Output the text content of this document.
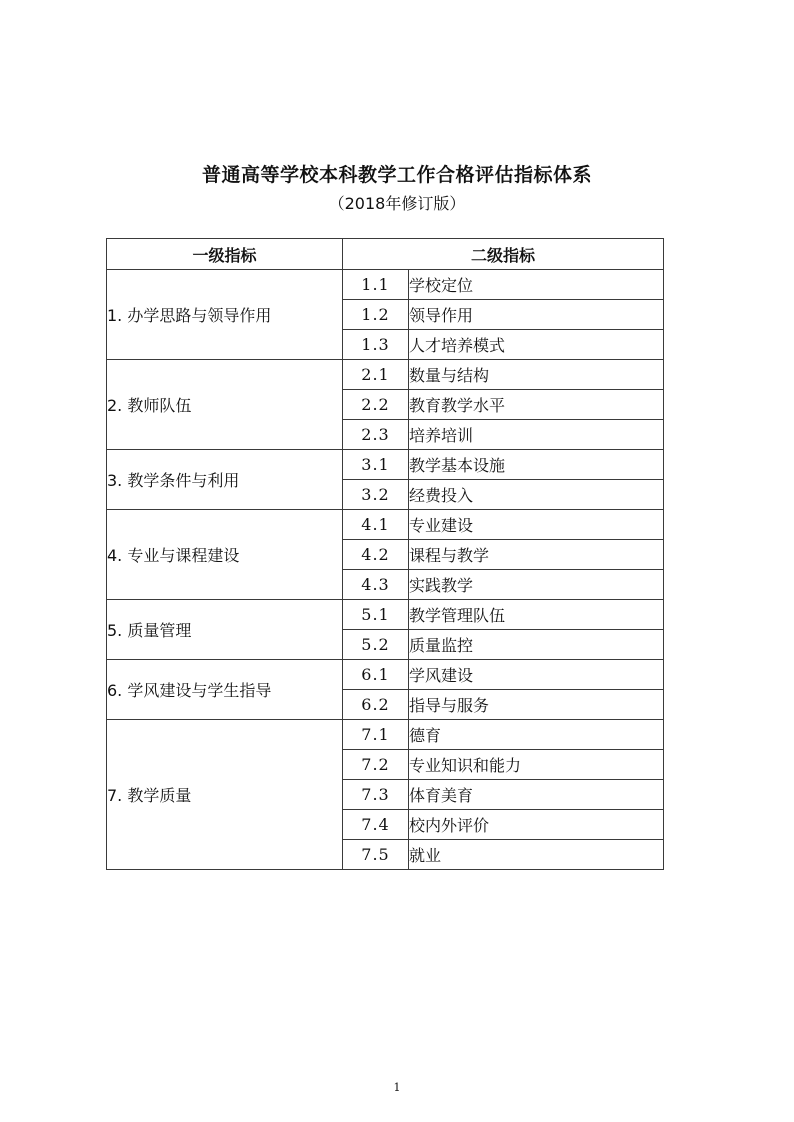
普通高等学校本科教学工作合格评估指标体系
（2018年修订版）
一级指标	二级指标	
1. 办学思路与领导作用	1.1	学校定位
	1.2	领导作用
	1.3	人才培养模式
2. 教师队伍	2.1	数量与结构
	2.2	教育教学水平
	2.3	培养培训
3. 教学条件与利用	3.1	教学基本设施
	3.2	经费投入
4. 专业与课程建设	4.1	专业建设
	4.2	课程与教学
	4.3	实践教学
5. 质量管理	5.1	教学管理队伍
	5.2	质量监控
6. 学风建设与学生指导	6.1	学风建设
	6.2	指导与服务
7. 教学质量	7.1	德育
	7.2	专业知识和能力
	7.3	体育美育
	7.4	校内外评价
	7.5	就业
1
